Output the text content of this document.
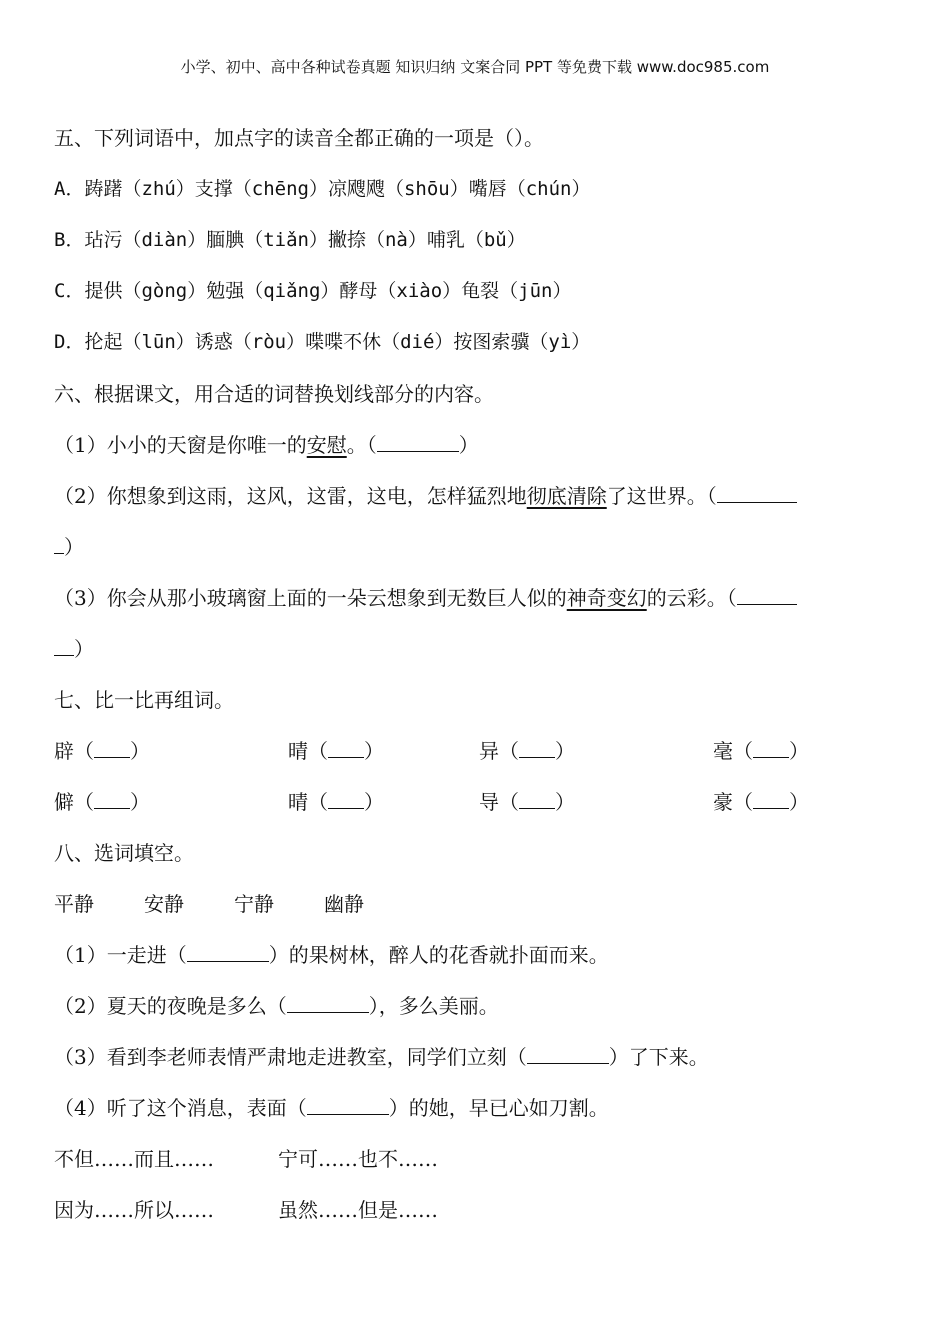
小学、初中、高中各种试卷真题 知识归纳 文案合同 PPT 等免费下载 www.doc985.com
五、下列词语中，加点字的读音全都正确的一项是（）。
A．踌躇（zhú）支撑（chēng）凉飕飕（shōu）嘴唇（chún）
B．玷污（diàn）腼腆（tiǎn）撇捺（nà）哺乳（bǔ）
C．提供（gòng）勉强（qiǎng）酵母（xiào）龟裂（jūn）
D．抡起（lūn）诱惑（ròu）喋喋不休（dié）按图索骥（yì）
六、根据课文，用合适的词替换划线部分的内容。
（1）小小的天窗是你唯一的安慰。（	）
（2）你想象到这雨，这风，这雷，这电，怎样猛烈地彻底清除了这世界。（
）
（3）你会从那小玻璃窗上面的一朵云想象到无数巨人似的神奇变幻的云彩。（
）
七、比一比再组词。
辟（ ）	晴（ ）	异（ ）	毫（ ）
僻（ ）	晴（ ）	导（ ）	豪（ ）
八、选词填空。
平静	安静	宁静	幽静
（1）一走进（	）的果树林，醉人的花香就扑面而来。
（2）夏天的夜晚是多么（	），多么美丽。
（3）看到李老师表情严肃地走进教室，同学们立刻（	）了下来。
（4）听了这个消息，表面（	）的她，早已心如刀割。
不但……而且……	宁可……也不……
因为……所以……	虽然……但是……
